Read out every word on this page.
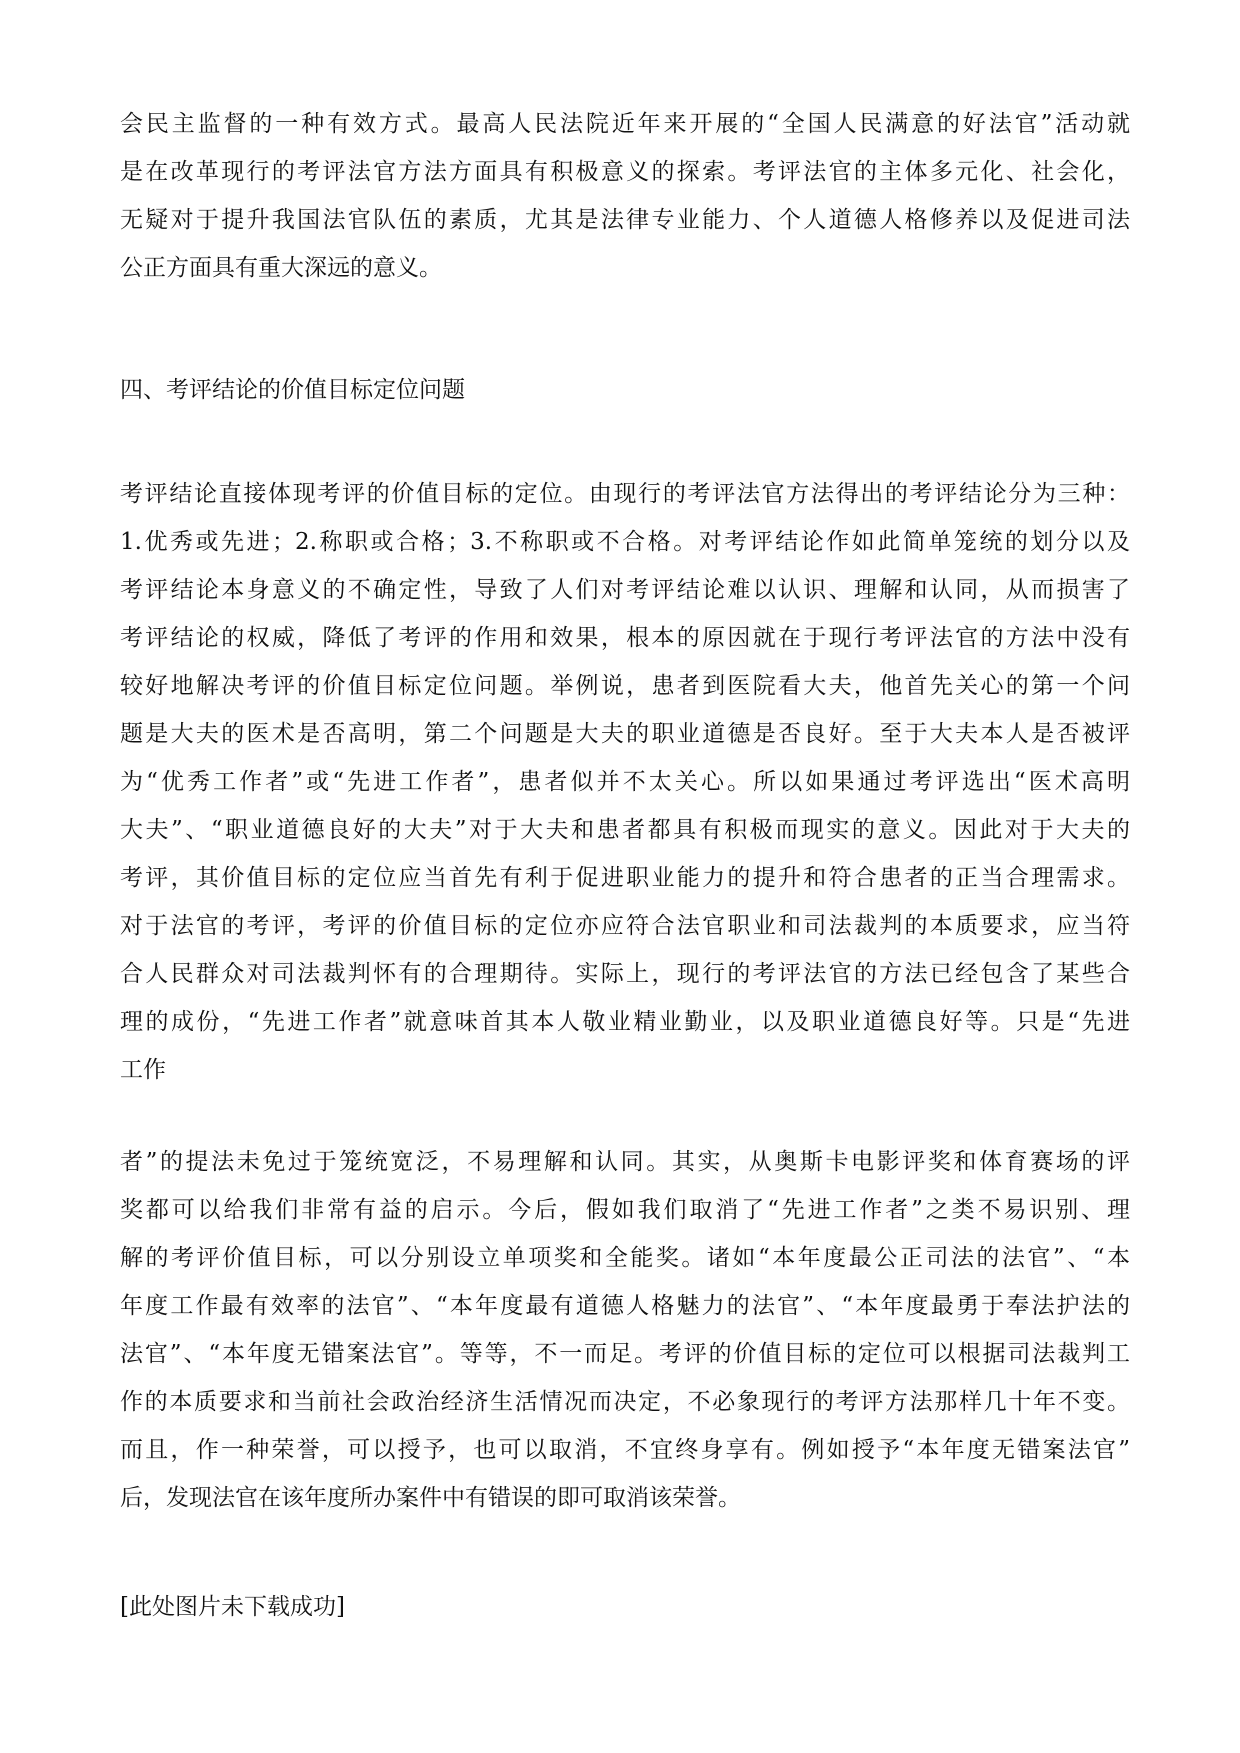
会民主监督的一种有效方式。最高人民法院近年来开展的“全国人民满意的好法官”活动就
是在改革现行的考评法官方法方面具有积极意义的探索。考评法官的主体多元化、社会化，
无疑对于提升我国法官队伍的素质，尤其是法律专业能力、个人道德人格修养以及促进司法
公正方面具有重大深远的意义。
四、考评结论的价值目标定位问题
考评结论直接体现考评的价值目标的定位。由现行的考评法官方法得出的考评结论分为三种：
1.优秀或先进；2.称职或合格；3.不称职或不合格。对考评结论作如此简单笼统的划分以及
考评结论本身意义的不确定性，导致了人们对考评结论难以认识、理解和认同，从而损害了
考评结论的权威，降低了考评的作用和效果，根本的原因就在于现行考评法官的方法中没有
较好地解决考评的价值目标定位问题。举例说，患者到医院看大夫，他首先关心的第一个问
题是大夫的医术是否高明，第二个问题是大夫的职业道德是否良好。至于大夫本人是否被评
为“优秀工作者”或“先进工作者”，患者似并不太关心。所以如果通过考评选出“医术高明
大夫”、“职业道德良好的大夫”对于大夫和患者都具有积极而现实的意义。因此对于大夫的
考评，其价值目标的定位应当首先有利于促进职业能力的提升和符合患者的正当合理需求。
对于法官的考评，考评的价值目标的定位亦应符合法官职业和司法裁判的本质要求，应当符
合人民群众对司法裁判怀有的合理期待。实际上，现行的考评法官的方法已经包含了某些合
理的成份，“先进工作者”就意味首其本人敬业精业勤业，以及职业道德良好等。只是“先进
工作
者”的提法未免过于笼统宽泛，不易理解和认同。其实，从奥斯卡电影评奖和体育赛场的评
奖都可以给我们非常有益的启示。今后，假如我们取消了“先进工作者”之类不易识别、理
解的考评价值目标，可以分别设立单项奖和全能奖。诸如“本年度最公正司法的法官”、“本
年度工作最有效率的法官”、“本年度最有道德人格魅力的法官”、“本年度最勇于奉法护法的
法官”、“本年度无错案法官”。等等，不一而足。考评的价值目标的定位可以根据司法裁判工
作的本质要求和当前社会政治经济生活情况而决定，不必象现行的考评方法那样几十年不变。
而且，作一种荣誉，可以授予，也可以取消，不宜终身享有。例如授予“本年度无错案法官”
后，发现法官在该年度所办案件中有错误的即可取消该荣誉。
[此处图片未下载成功]
